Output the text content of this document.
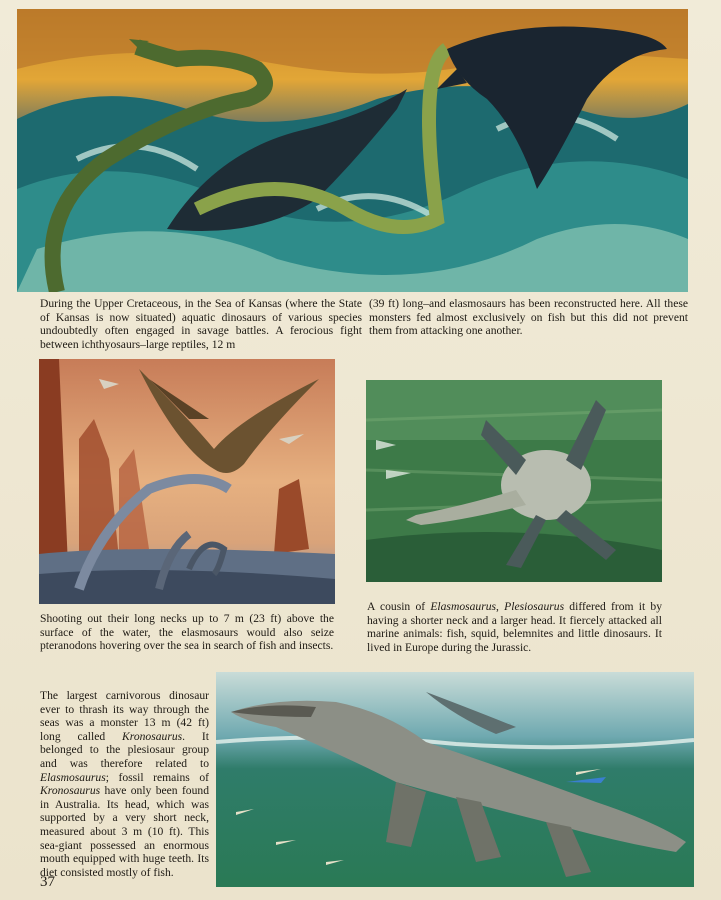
During the Upper Cretaceous, in the Sea of Kansas (where the State of Kansas is now situated) aquatic dinosaurs of various species undoubtedly often engaged in savage battles. A ferocious fight between ichthyosaurs–large reptiles, 12 m

(39 ft) long–and elasmosaurs has been reconstructed here. All these monsters fed almost exclusively on fish but this did not prevent them from attacking one another.

Shooting out their long necks up to 7 m (23 ft) above the surface of the water, the elasmosaurs would also seize pteranodons hovering over the sea in search of fish and insects.

A cousin of Elasmosaurus, Plesiosaurus differed from it by having a shorter neck and a larger head. It fiercely attacked all marine animals: fish, squid, belemnites and little dinosaurs. It lived in Europe during the Jurassic.

The largest carnivorous dinosaur ever to thrash its way through the seas was a monster 13 m (42 ft) long called Kronosaurus. It belonged to the plesiosaur group and was therefore related to Elasmosaurus; fossil remains of Kronosaurus have only been found in Australia. Its head, which was supported by a very short neck, measured about 3 m (10 ft). This sea-giant possessed an enormous mouth equipped with huge teeth. Its diet consisted mostly of fish.

37
